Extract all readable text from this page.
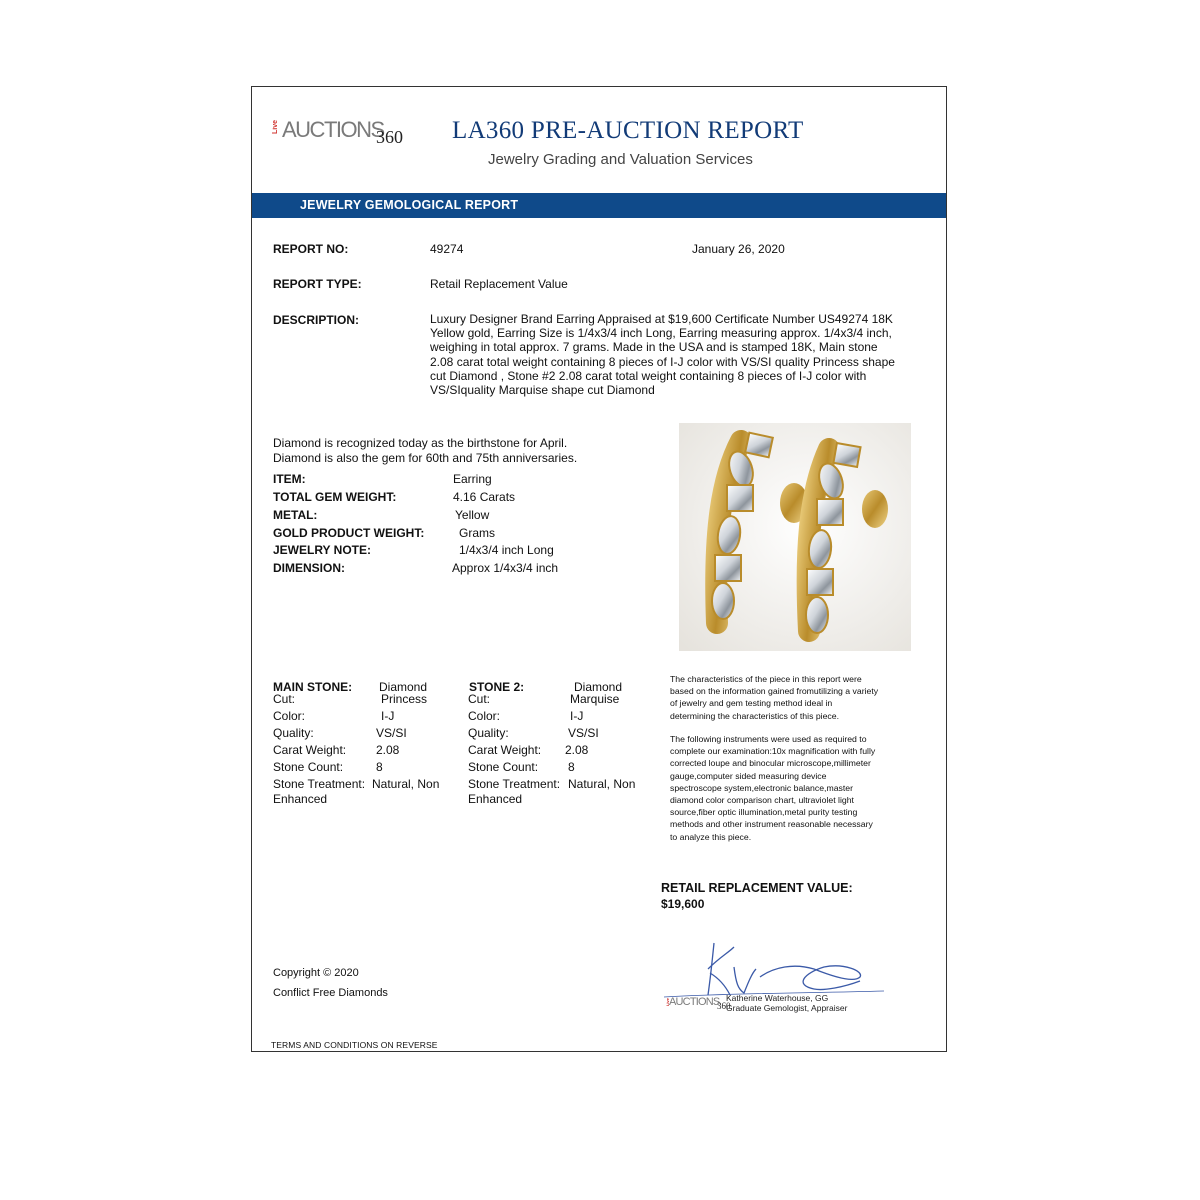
Live AUCTIONS
360 LA360 PRE-AUCTION REPORT
Jewelry Grading and Valuation Services
JEWELRY GEMOLOGICAL REPORT
REPORT NO:	49274	January 26, 2020
REPORT TYPE:	Retail Replacement Value
DESCRIPTION:	Luxury Designer Brand Earring Appraised at $19,600 Certificate Number US49274 18K Yellow gold, Earring Size is 1/4x3/4 inch Long, Earring measuring approx. 1/4x3/4 inch, weighing in total approx. 7 grams. Made in the USA and is stamped 18K, Main stone 2.08 carat total weight containing 8 pieces of I-J color with VS/SI quality Princess shape cut Diamond , Stone #2 2.08 carat total weight containing 8 pieces of I-J color with VS/SIquality Marquise shape cut Diamond
Diamond is recognized today as the birthstone for April.
Diamond is also the gem for 60th and 75th anniversaries.
ITEM:	Earring
TOTAL GEM WEIGHT:	4.16 Carats
METAL:	Yellow
GOLD PRODUCT WEIGHT:	Grams
JEWELRY NOTE:	1/4x3/4 inch Long
DIMENSION:	Approx 1/4x3/4 inch
MAIN STONE: Diamond
Cut:	Princess
Color:	I-J
Quality:	VS/SI
Carat Weight: 2.08
Stone Count:	8
Stone Treatment: Natural, Non
Enhanced
STONE 2:	Diamond
Cut:	Marquise
Color:	I-J
Quality:	VS/SI
Carat Weight: 2.08
Stone Count: 8
Stone Treatment: Natural, Non
Enhanced
The characteristics of the piece in this report were
based on the information gained fromutilizing a variety
of jewelry and gem testing method ideal in
determining the characteristics of this piece.
The following instruments were used as required to
complete our examination:10x magnification with fully
corrected loupe and binocular microscope,millimeter
gauge,computer sided measuring device
spectroscope system,electronic balance,master
diamond color comparison chart, ultraviolet light
source,fiber optic illumination,metal purity testing
methods and other instrument reasonable necessary
to analyze this piece.
RETAIL REPLACEMENT VALUE:
$19,600
Live AUCTIONS
360
Katherine Waterhouse, GG
Graduate Gemologist, Appraiser
Copyright © 2020
Conflict Free Diamonds
TERMS AND CONDITIONS ON REVERSE
